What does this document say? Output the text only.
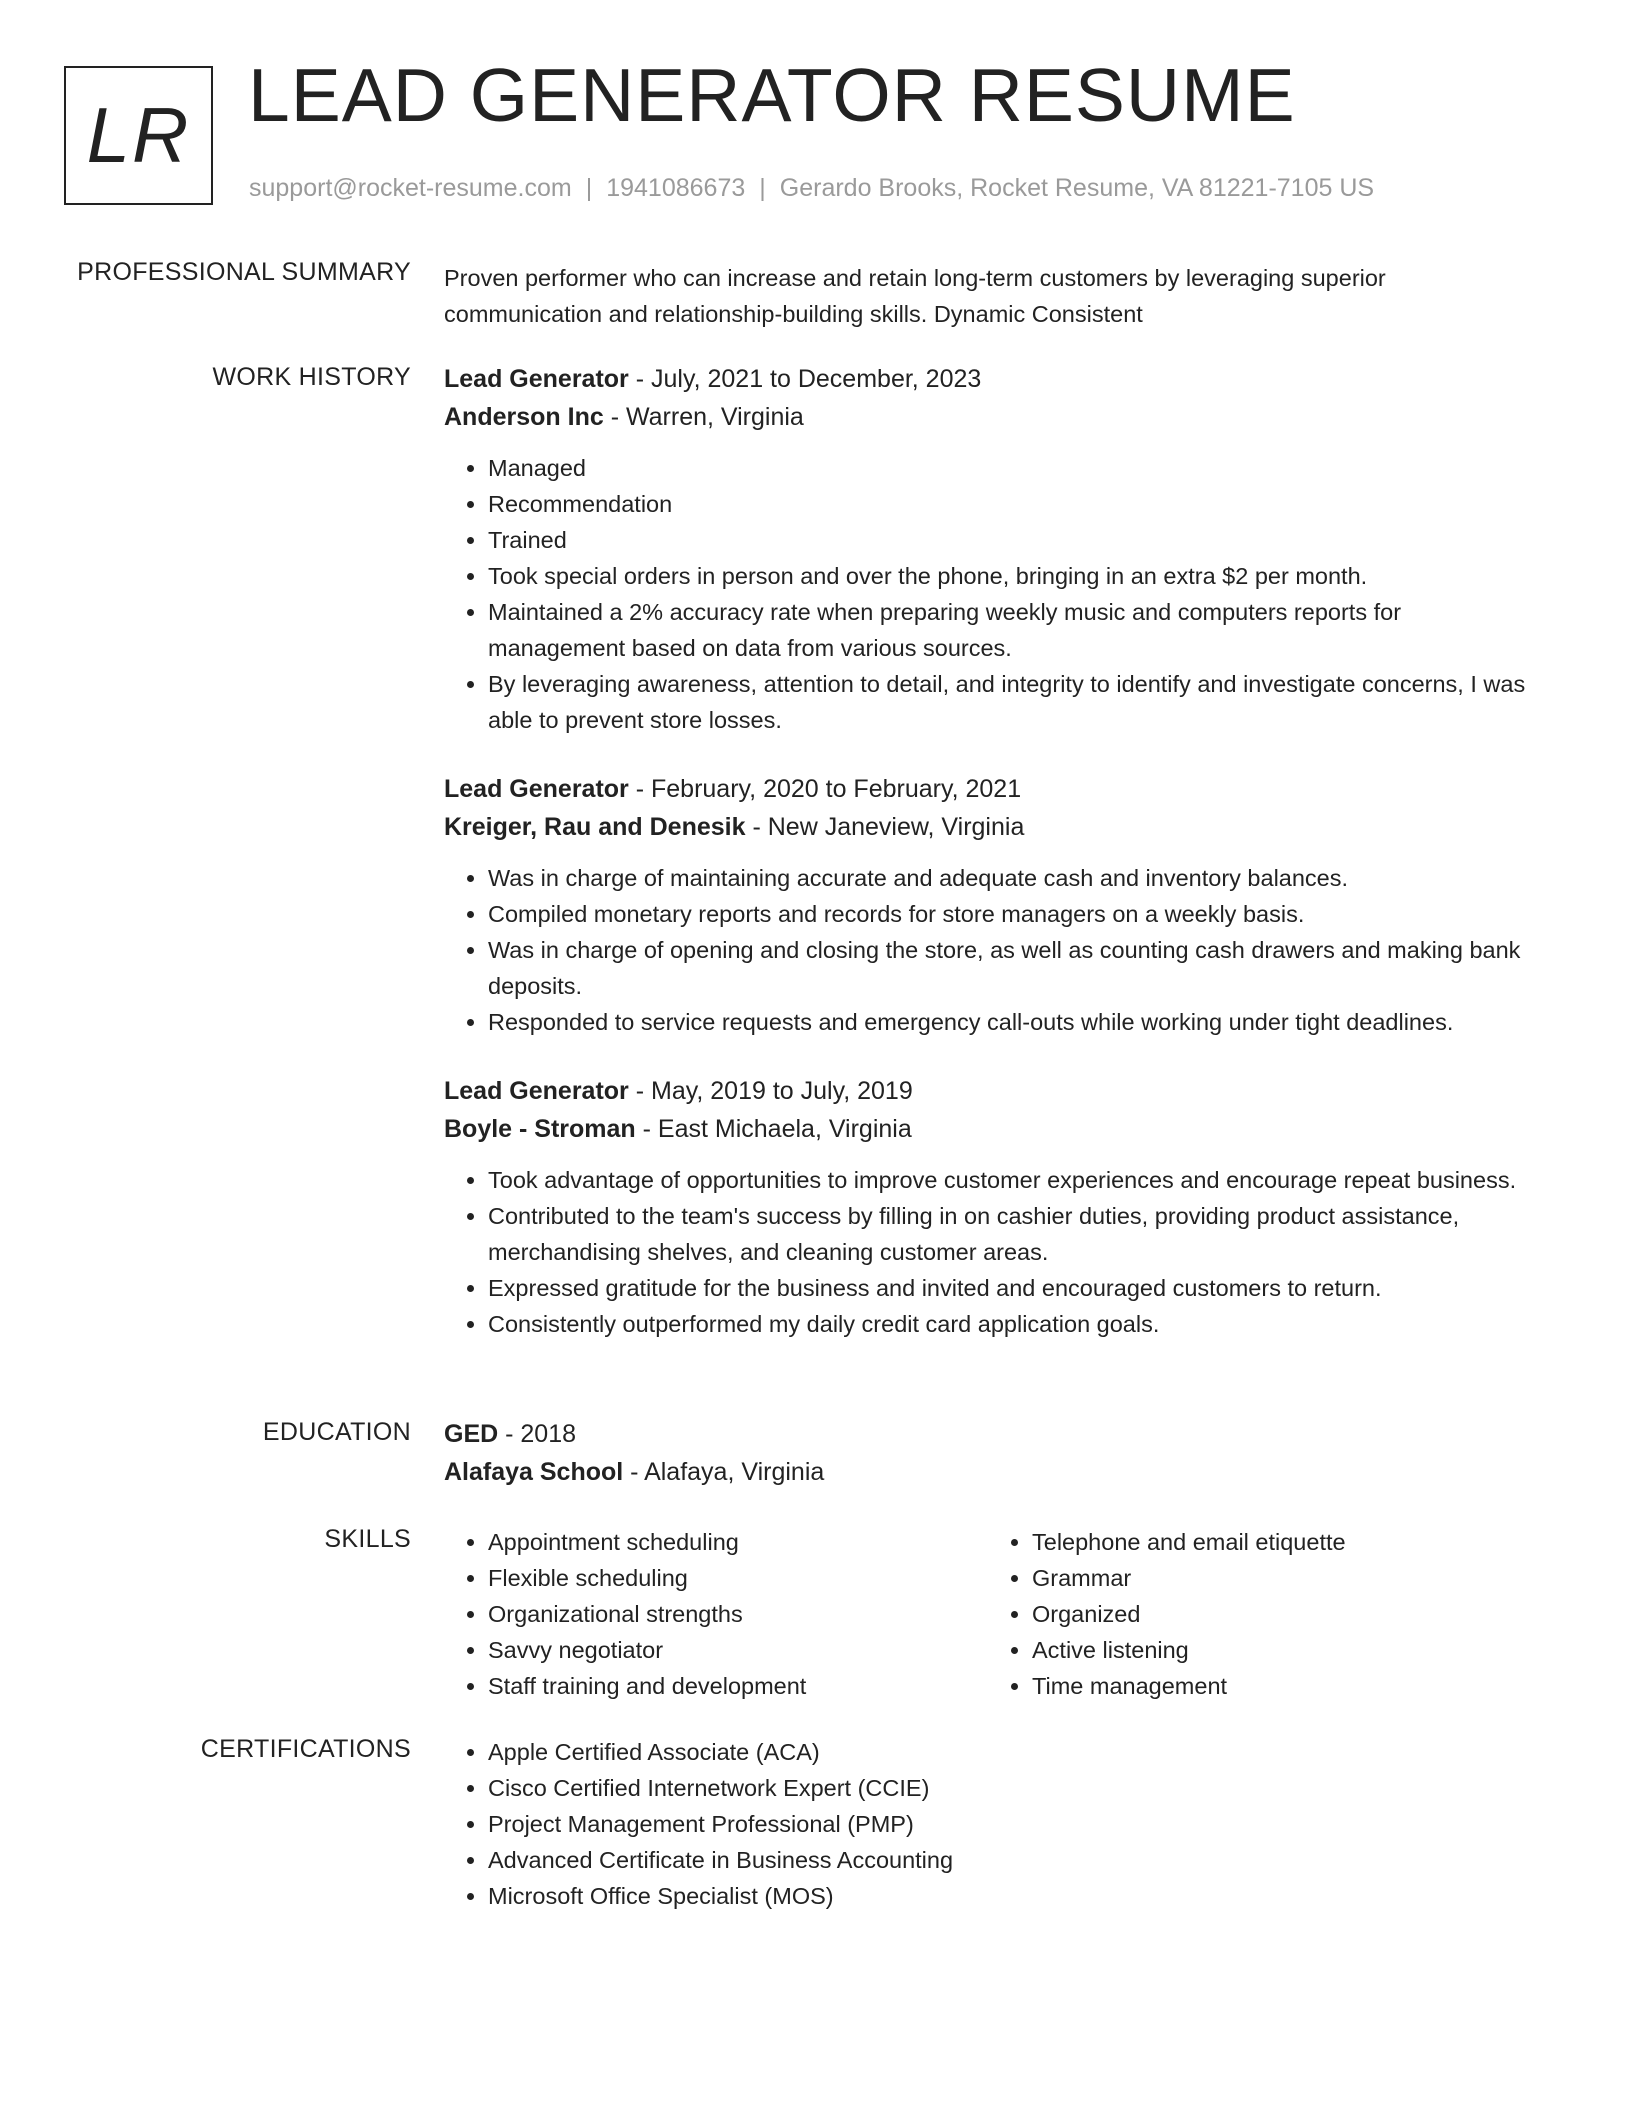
LR LEAD GENERATOR RESUME
support@rocket-resume.com | 1941086673 | Gerardo Brooks, Rocket Resume, VA 81221-7105 US
PROFESSIONAL SUMMARY Proven performer who can increase and retain long-term customers by leveraging superior communication and relationship-building skills. Dynamic Consistent
WORK HISTORY Lead Generator - July, 2021 to December, 2023
Anderson Inc - Warren, Virginia
• Managed
• Recommendation
• Trained
• Took special orders in person and over the phone, bringing in an extra $2 per month.
• Maintained a 2% accuracy rate when preparing weekly music and computers reports for management based on data from various sources.
• By leveraging awareness, attention to detail, and integrity to identify and investigate concerns, I was able to prevent store losses.
Lead Generator - February, 2020 to February, 2021
Kreiger, Rau and Denesik - New Janeview, Virginia
• Was in charge of maintaining accurate and adequate cash and inventory balances.
• Compiled monetary reports and records for store managers on a weekly basis.
• Was in charge of opening and closing the store, as well as counting cash drawers and making bank deposits.
• Responded to service requests and emergency call-outs while working under tight deadlines.
Lead Generator - May, 2019 to July, 2019
Boyle - Stroman - East Michaela, Virginia
• Took advantage of opportunities to improve customer experiences and encourage repeat business.
• Contributed to the team's success by filling in on cashier duties, providing product assistance, merchandising shelves, and cleaning customer areas.
• Expressed gratitude for the business and invited and encouraged customers to return.
• Consistently outperformed my daily credit card application goals.
EDUCATION GED - 2018
Alafaya School - Alafaya, Virginia
SKILLS	• Appointment scheduling
• Flexible scheduling
• Organizational strengths
• Savvy negotiator
• Staff training and development
• Telephone and email etiquette
• Grammar
• Organized
• Active listening
• Time management
CERTIFICATIONS	• Apple Certified Associate (ACA)
• Cisco Certified Internetwork Expert (CCIE)
• Project Management Professional (PMP)
• Advanced Certificate in Business Accounting
• Microsoft Office Specialist (MOS)
